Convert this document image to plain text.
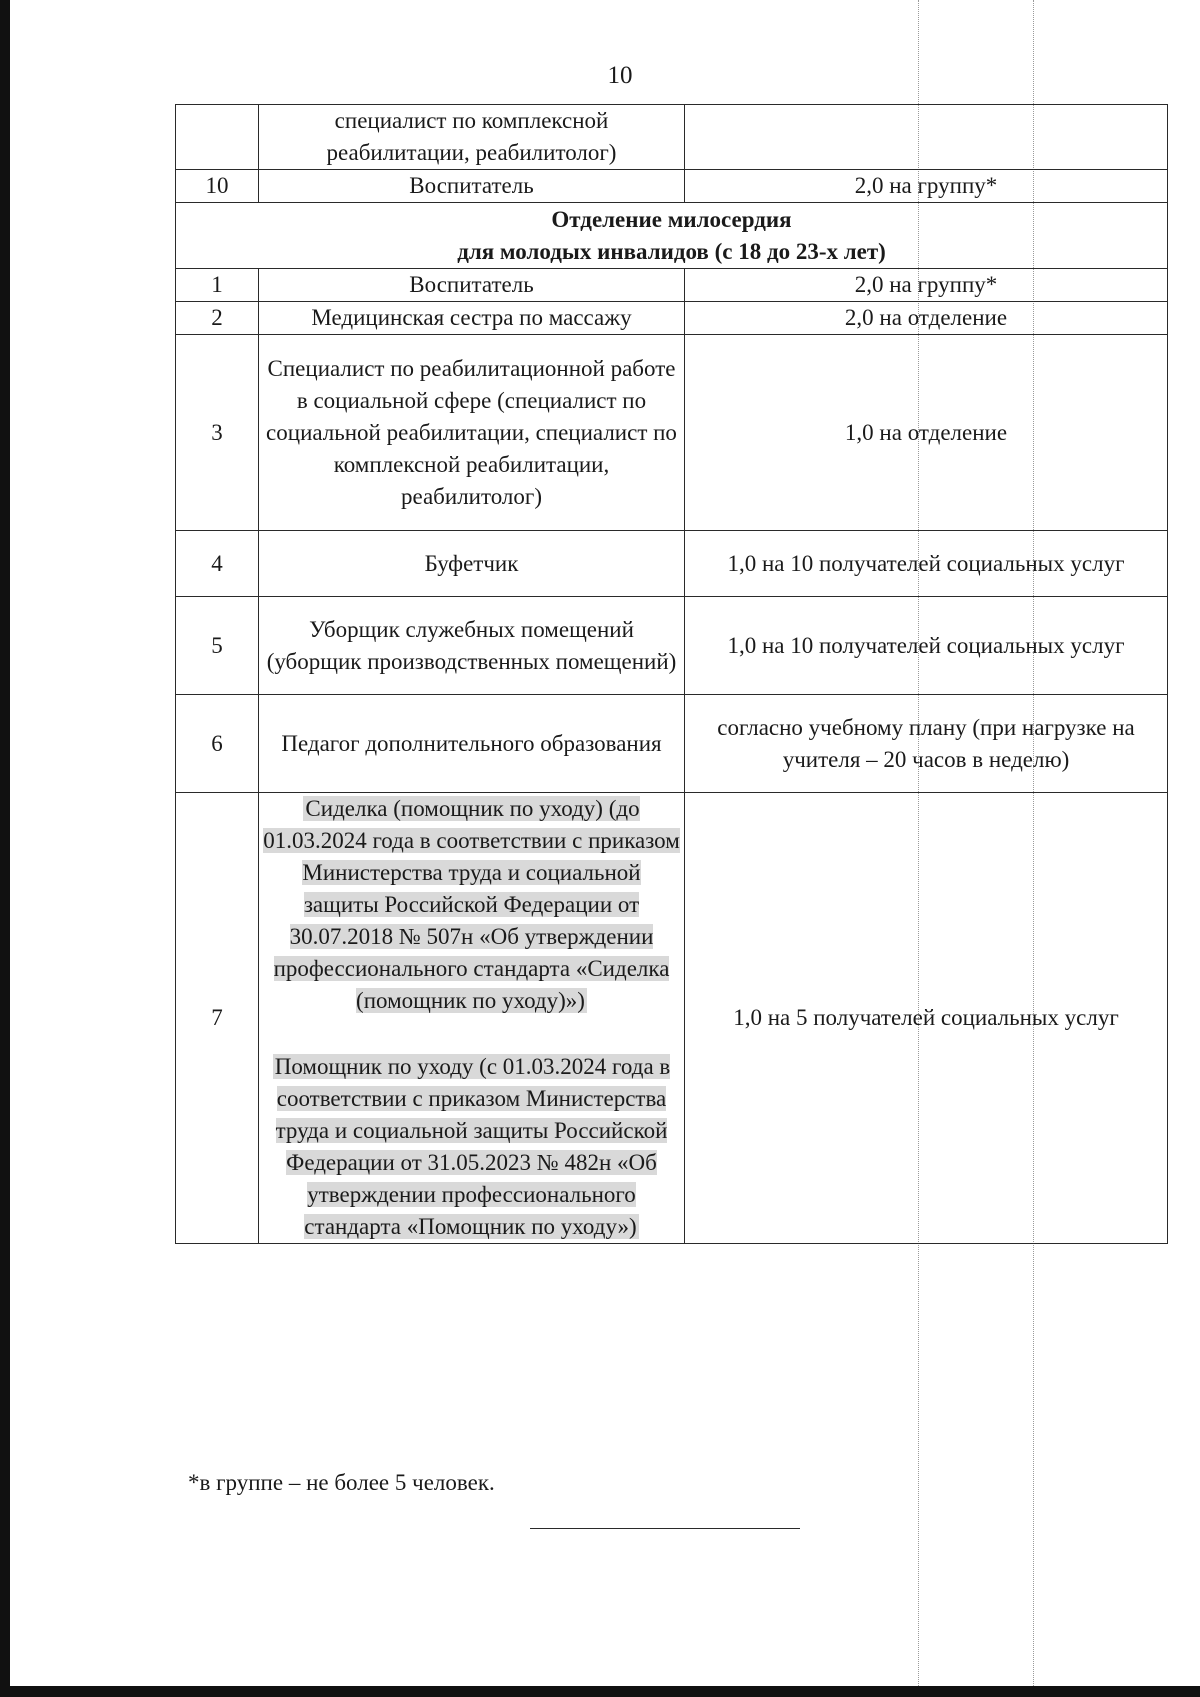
10
	специалист по комплексной реабилитации, реабилитолог)	
10	Воспитатель	2,0 на группу*

Отделение милосердия
для молодых инвалидов (с 18 до 23-х лет)		

1	Воспитатель	2,0 на группу*
2	Медицинская сестра по массажу	2,0 на отделение
3	Специалист по реабилитационной работе в социальной сфере (специалист по социальной реабилитации, специалист по комплексной реабилитации, реабилитолог)	1,0 на отделение
4	Буфетчик	1,0 на 10 получателей социальных услуг
5	Уборщик служебных помещений (уборщик производственных помещений)	1,0 на 10 получателей социальных услуг
6	Педагог дополнительного образования	согласно учебному плану (при нагрузке на учителя – 20 часов в неделю)
7	Сиделка (помощник по уходу) (до 01.03.2024 года в соответствии с приказом Министерства труда и социальной защиты Российской Федерации от 30.07.2018 № 507н «Об утверждении профессионального стандарта «Сиделка (помощник по уходу)»)
Помощник по уходу (с 01.03.2024 года в соответствии с приказом Министерства труда и социальной защиты Российской Федерации от 31.05.2023 № 482н «Об утверждении профессионального стандарта «Помощник по уходу»)	1,0 на 5 получателей социальных услуг
*в группе – не более 5 человек.
